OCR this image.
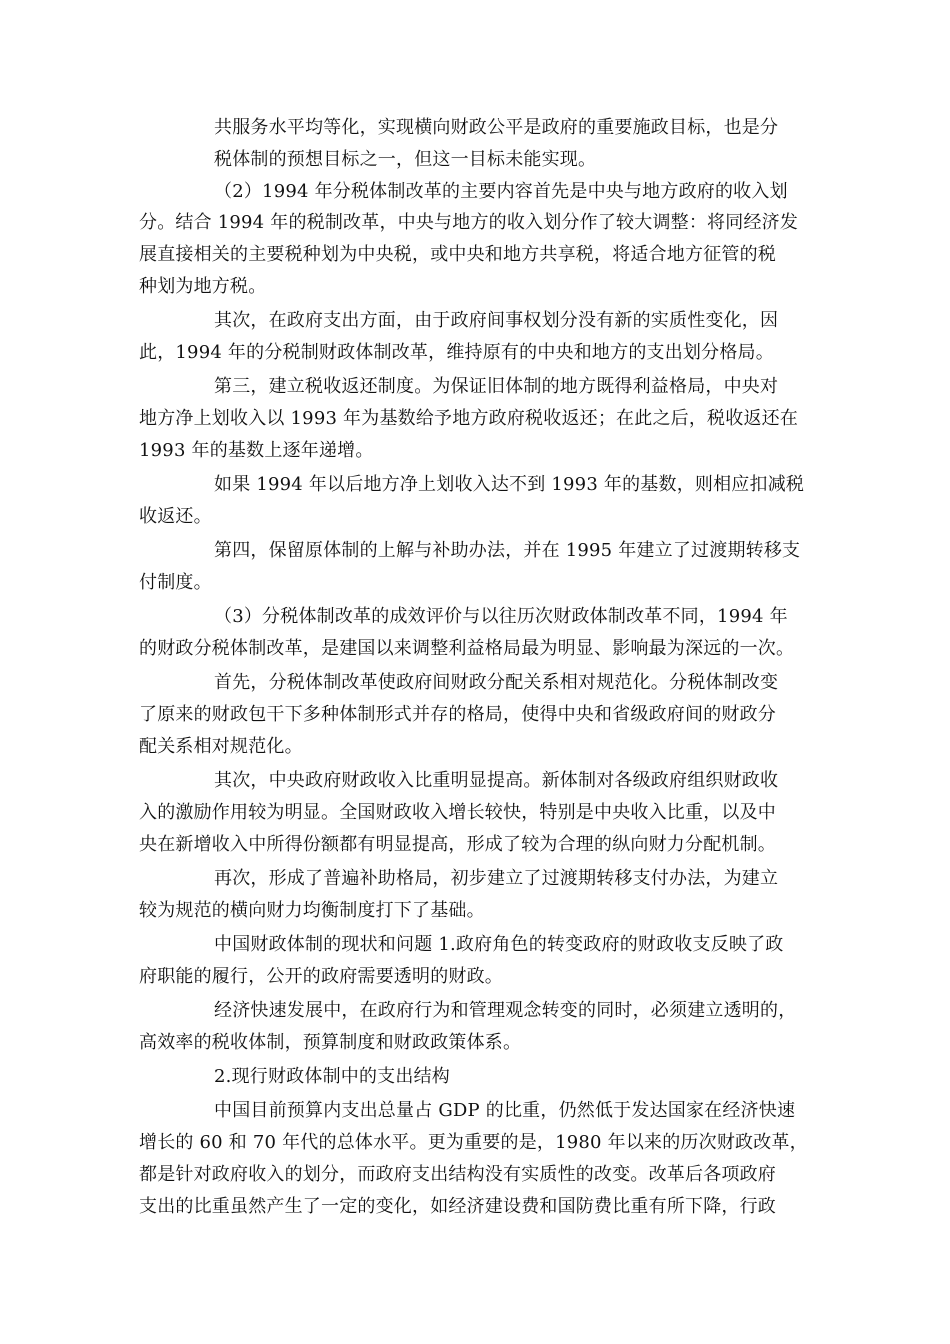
共服务水平均等化，实现横向财政公平是政府的重要施政目标，也是分
税体制的预想目标之一，但这一目标未能实现。
（2）1994 年分税体制改革的主要内容首先是中央与地方政府的收入划
分。结合 1994 年的税制改革，中央与地方的收入划分作了较大调整：将同经济发
展直接相关的主要税种划为中央税，或中央和地方共享税，将适合地方征管的税
种划为地方税。
其次，在政府支出方面，由于政府间事权划分没有新的实质性变化，因
此，1994 年的分税制财政体制改革，维持原有的中央和地方的支出划分格局。
第三，建立税收返还制度。为保证旧体制的地方既得利益格局，中央对
地方净上划收入以 1993 年为基数给予地方政府税收返还；在此之后，税收返还在
1993 年的基数上逐年递增。
如果 1994 年以后地方净上划收入达不到 1993 年的基数，则相应扣减税
收返还。
第四，保留原体制的上解与补助办法，并在 1995 年建立了过渡期转移支
付制度。
（3）分税体制改革的成效评价与以往历次财政体制改革不同，1994 年
的财政分税体制改革，是建国以来调整利益格局最为明显、影响最为深远的一次。
首先，分税体制改革使政府间财政分配关系相对规范化。分税体制改变
了原来的财政包干下多种体制形式并存的格局，使得中央和省级政府间的财政分
配关系相对规范化。
其次，中央政府财政收入比重明显提高。新体制对各级政府组织财政收
入的激励作用较为明显。全国财政收入增长较快，特别是中央收入比重，以及中
央在新增收入中所得份额都有明显提高，形成了较为合理的纵向财力分配机制。
再次，形成了普遍补助格局，初步建立了过渡期转移支付办法，为建立
较为规范的横向财力均衡制度打下了基础。
中国财政体制的现状和问题 1.政府角色的转变政府的财政收支反映了政
府职能的履行，公开的政府需要透明的财政。
经济快速发展中，在政府行为和管理观念转变的同时，必须建立透明的，
高效率的税收体制，预算制度和财政政策体系。
2.现行财政体制中的支出结构
中国目前预算内支出总量占 GDP 的比重，仍然低于发达国家在经济快速
增长的 60 和 70 年代的总体水平。更为重要的是，1980 年以来的历次财政改革，
都是针对政府收入的划分，而政府支出结构没有实质性的改变。改革后各项政府
支出的比重虽然产生了一定的变化，如经济建设费和国防费比重有所下降，行政
